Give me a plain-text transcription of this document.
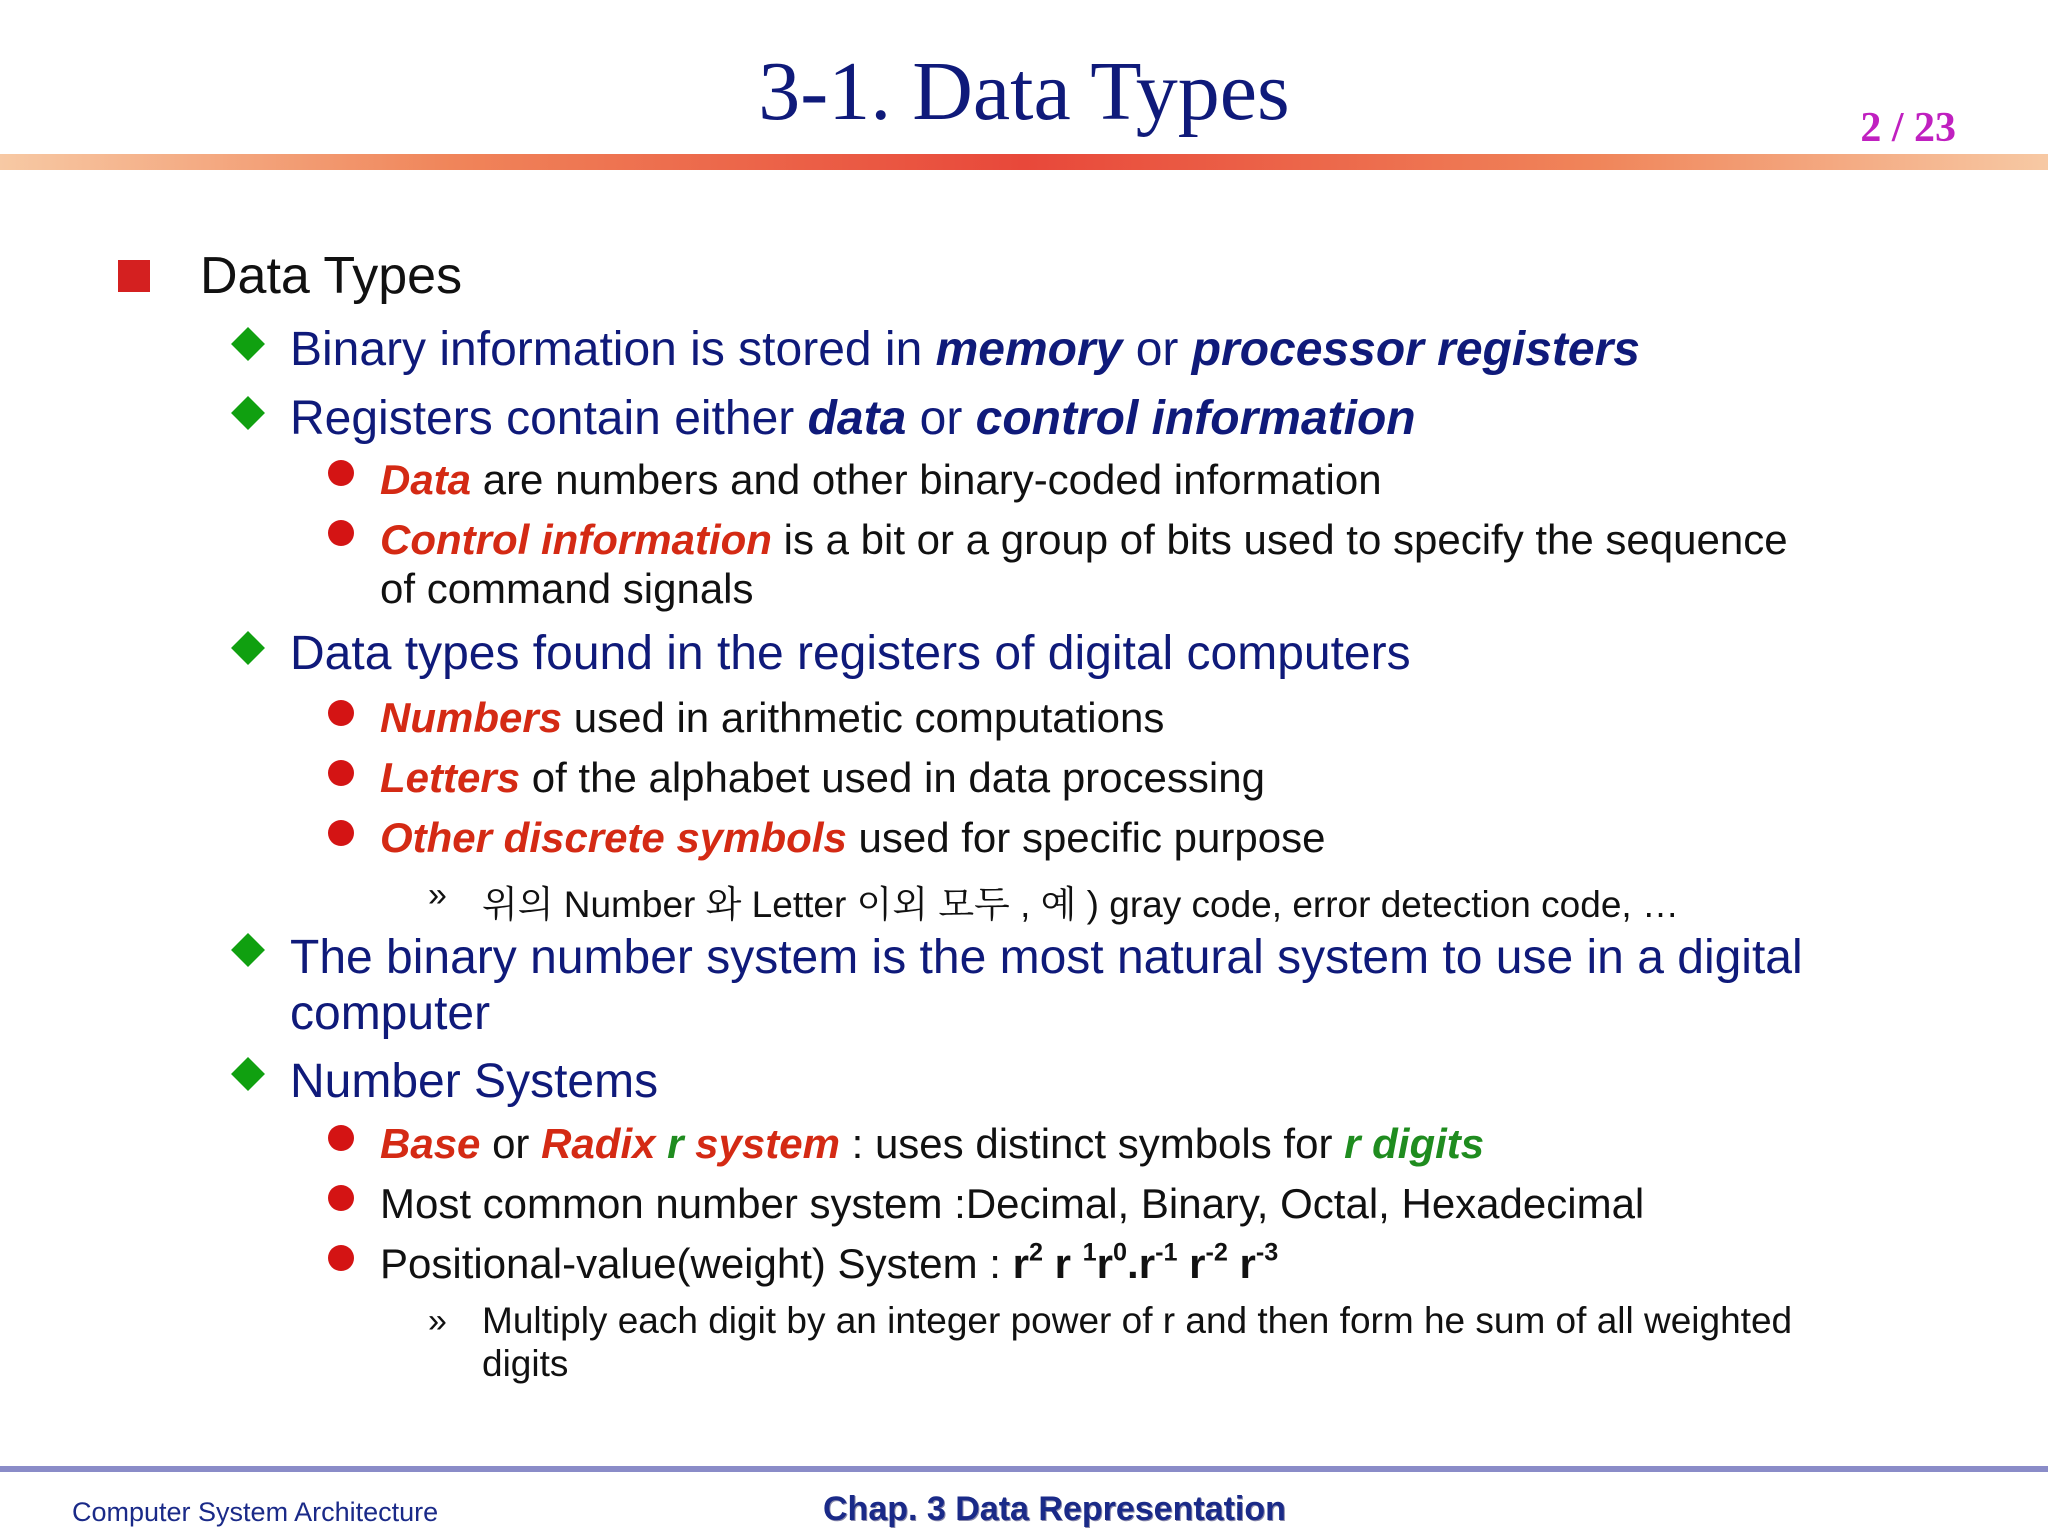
3-1. Data Types	2 / 23
Data Types
Binary information is stored in memory or processor registers
Registers contain either data or control information
Data are numbers and other binary-coded information
Control information is a bit or a group of bits used to specify the sequence
of command signals
Data types found in the registers of digital computers
Numbers used in arithmetic computations
Letters of the alphabet used in data processing
Other discrete symbols used for specific purpose
» 위의 Number 와 Letter 이외 모두 , 예 ) gray code, error detection code, …
The binary number system is the most natural system to use in a digital
computer
Number Systems
Base or Radix r system : uses distinct symbols for r digits
Most common number system :Decimal, Binary, Octal, Hexadecimal
Positional-value(weight) System : $r^2$ r $^1r^0.r^{-1}$ $r^{-2}$ $r^{-3}$
» Multiply each digit by an integer power of r and then form he sum of all weighted
digits
Computer System Architecture	Chap. 3 Data Representation
